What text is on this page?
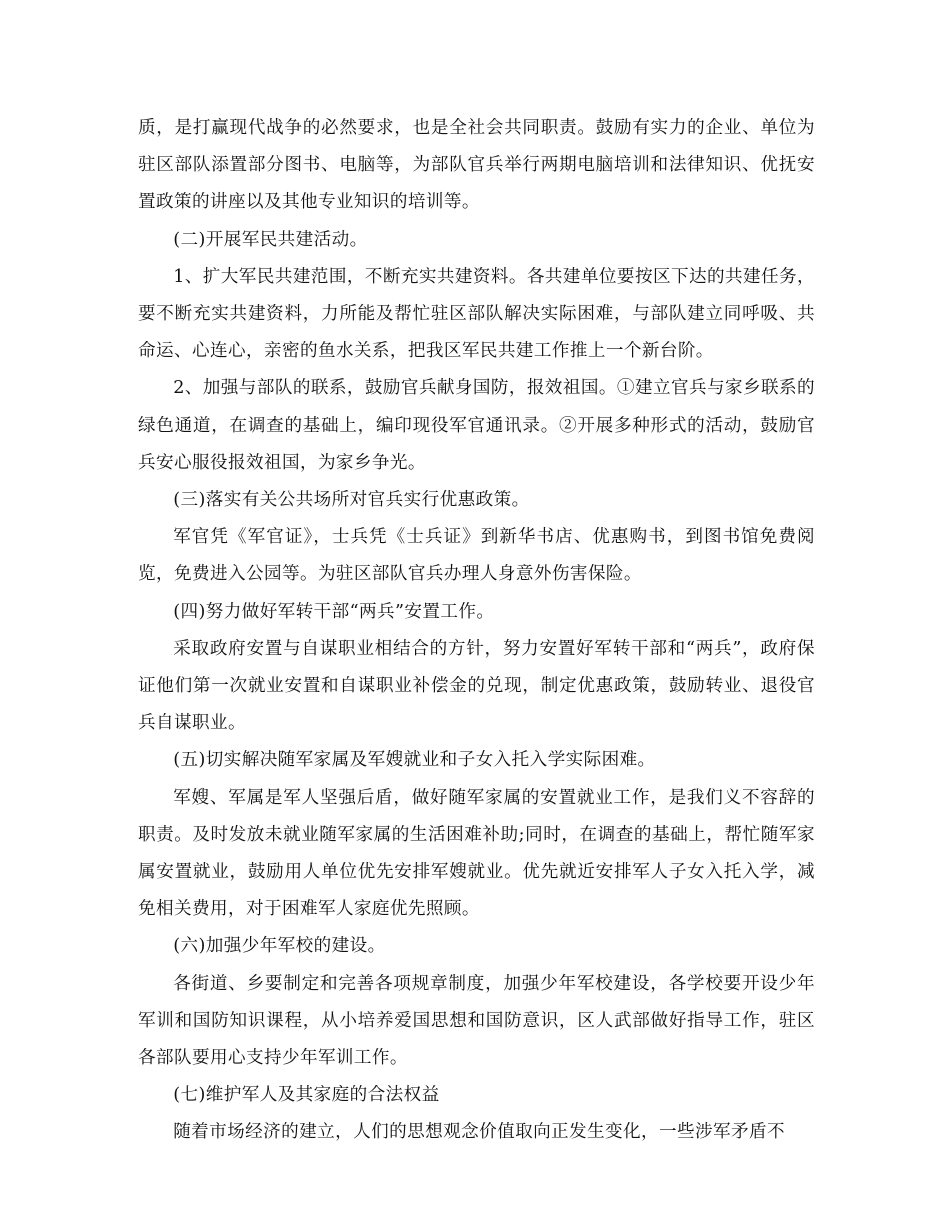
质，是打赢现代战争的必然要求，也是全社会共同职责。鼓励有实力的企业、单位为驻区部队添置部分图书、电脑等，为部队官兵举行两期电脑培训和法律知识、优抚安置政策的讲座以及其他专业知识的培训等。

(二)开展军民共建活动。

1、扩大军民共建范围，不断充实共建资料。各共建单位要按区下达的共建任务，要不断充实共建资料，力所能及帮忙驻区部队解决实际困难，与部队建立同呼吸、共命运、心连心，亲密的鱼水关系，把我区军民共建工作推上一个新台阶。

2、加强与部队的联系，鼓励官兵献身国防，报效祖国。①建立官兵与家乡联系的绿色通道，在调查的基础上，编印现役军官通讯录。②开展多种形式的活动，鼓励官兵安心服役报效祖国，为家乡争光。

(三)落实有关公共场所对官兵实行优惠政策。

军官凭《军官证》，士兵凭《士兵证》到新华书店、优惠购书，到图书馆免费阅览，免费进入公园等。为驻区部队官兵办理人身意外伤害保险。

(四)努力做好军转干部“两兵”安置工作。

采取政府安置与自谋职业相结合的方针，努力安置好军转干部和“两兵”，政府保证他们第一次就业安置和自谋职业补偿金的兑现，制定优惠政策，鼓励转业、退役官兵自谋职业。

(五)切实解决随军家属及军嫂就业和子女入托入学实际困难。

军嫂、军属是军人坚强后盾，做好随军家属的安置就业工作，是我们义不容辞的职责。及时发放未就业随军家属的生活困难补助;同时，在调查的基础上，帮忙随军家属安置就业，鼓励用人单位优先安排军嫂就业。优先就近安排军人子女入托入学，减免相关费用，对于困难军人家庭优先照顾。

(六)加强少年军校的建设。

各街道、乡要制定和完善各项规章制度，加强少年军校建设，各学校要开设少年军训和国防知识课程，从小培养爱国思想和国防意识，区人武部做好指导工作，驻区各部队要用心支持少年军训工作。

(七)维护军人及其家庭的合法权益

随着市场经济的建立，人们的思想观念价值取向正发生变化，一些涉军矛盾不
